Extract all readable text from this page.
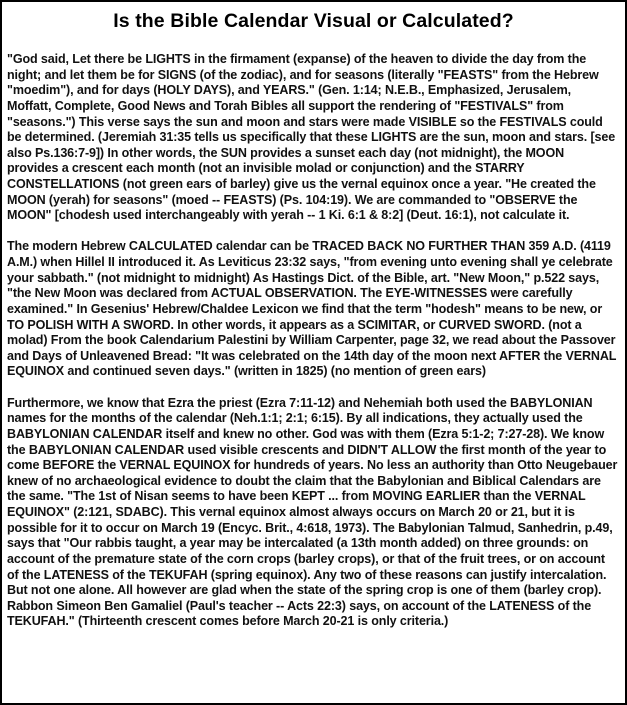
Is the Bible Calendar Visual or Calculated?

"God said, Let there be LIGHTS in the firmament (expanse) of the heaven to divide the day from the night; and let them be for SIGNS (of the zodiac), and for seasons (literally "FEASTS" from the Hebrew "moedim"), and for days (HOLY DAYS), and YEARS." (Gen. 1:14; N.E.B., Emphasized, Jerusalem, Moffatt, Complete, Good News and Torah Bibles all support the rendering of "FESTIVALS" from "seasons.") This verse says the sun and moon and stars were made VISIBLE so the FESTIVALS could be determined. (Jeremiah 31:35 tells us specifically that these LIGHTS are the sun, moon and stars. [see also Ps.136:7-9]) In other words, the SUN provides a sunset each day (not midnight), the MOON provides a crescent each month (not an invisible molad or conjunction) and the STARRY CONSTELLATIONS (not green ears of barley) give us the vernal equinox once a year. "He created the MOON (yerah) for seasons" (moed -- FEASTS) (Ps. 104:19). We are commanded to "OBSERVE the MOON" [chodesh used interchangeably with yerah -- 1 Ki. 6:1 & 8:2] (Deut. 16:1), not calculate it.

The modern Hebrew CALCULATED calendar can be TRACED BACK NO FURTHER THAN 359 A.D. (4119 A.M.) when Hillel II introduced it. As Leviticus 23:32 says, "from evening unto evening shall ye celebrate your sabbath." (not midnight to midnight) As Hastings Dict. of the Bible, art. "New Moon," p.522 says, "the New Moon was declared from ACTUAL OBSERVATION. The EYE-WITNESSES were carefully examined." In Gesenius' Hebrew/Chaldee Lexicon we find that the term "hodesh" means to be new, or TO POLISH WITH A SWORD. In other words, it appears as a SCIMITAR, or CURVED SWORD. (not a molad) From the book Calendarium Palestini by William Carpenter, page 32, we read about the Passover and Days of Unleavened Bread: "It was celebrated on the 14th day of the moon next AFTER the VERNAL EQUINOX and continued seven days." (written in 1825) (no mention of green ears)

Furthermore, we know that Ezra the priest (Ezra 7:11-12) and Nehemiah both used the BABYLONIAN names for the months of the calendar (Neh.1:1; 2:1; 6:15). By all indications, they actually used the BABYLONIAN CALENDAR itself and knew no other. God was with them (Ezra 5:1-2; 7:27-28). We know the BABYLONIAN CALENDAR used visible crescents and DIDN'T ALLOW the first month of the year to come BEFORE the VERNAL EQUINOX for hundreds of years. No less an authority than Otto Neugebauer knew of no archaeological evidence to doubt the claim that the Babylonian and Biblical Calendars are the same. "The 1st of Nisan seems to have been KEPT ... from MOVING EARLIER than the VERNAL EQUINOX" (2:121, SDABC). This vernal equinox almost always occurs on March 20 or 21, but it is possible for it to occur on March 19 (Encyc. Brit., 4:618, 1973). The Babylonian Talmud, Sanhedrin, p.49, says that "Our rabbis taught, a year may be intercalated (a 13th month added) on three grounds: on account of the premature state of the corn crops (barley crops), or that of the fruit trees, or on account of the LATENESS of the TEKUFAH (spring equinox). Any two of these reasons can justify intercalation. But not one alone. All however are glad when the state of the spring crop is one of them (barley crop). Rabbon Simeon Ben Gamaliel (Paul's teacher -- Acts 22:3) says, on account of the LATENESS of the TEKUFAH." (Thirteenth crescent comes before March 20-21 is only criteria.)
